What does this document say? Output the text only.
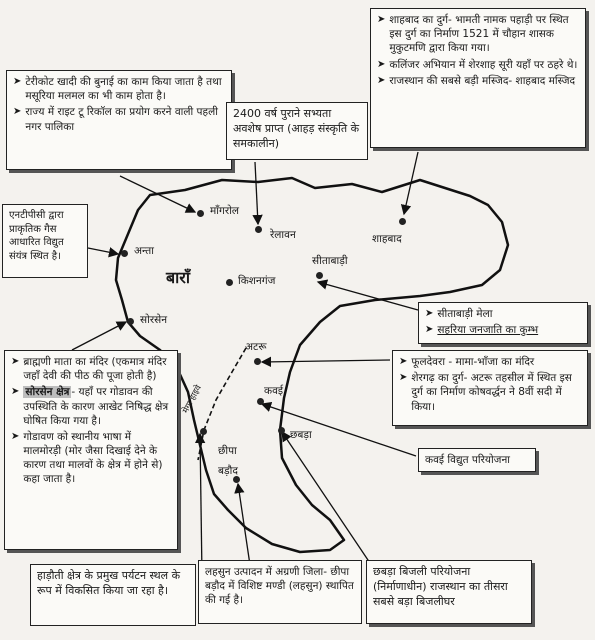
माँगरोल
रेलावन	शाहबाद
अन्ता
बाराँ
सीताबाड़ी
किशनगंज
सोरसेन
अटरू
कवई
छबड़ा
छीपा बड़ौद
मेगा हाइवे
➤ टेरीकोट खादी की बुनाई का काम किया जाता है तथा मसूरिया मलमल का भी काम होता है।
➤ राज्य में राइट टू रिकॉल का प्रयोग करने वाली पहली नगर पालिका
2400 वर्ष पुराने सभ्यता अवशेष प्राप्त (आहड़ संस्कृति के समकालीन)
➤ शाहबाद का दुर्ग- भामती नामक पहाड़ी पर स्थित इस दुर्ग का निर्माण 1521 में चौहान शासक मुकुटमणि द्वारा किया गया।
➤ कलिंजर अभियान में शेरशाह सूरी यहाँ पर ठहरे थे।
➤ राजस्थान की सबसे बड़ी मस्जिद- शाहबाद मस्जिद
एनटीपीसी द्वारा प्राकृतिक गैस आधारित विद्युत संयंत्र स्थित है।
➤ सीताबाड़ी मेला
➤ सहरिया जनजाति का कुम्भ
➤ ब्राह्मणी माता का मंदिर (एकमात्र मंदिर जहाँ देवी की पीठ की पूजा होती है)
➤ सोरसेन क्षेत्र - यहाँ पर गोडावन की उपस्थिति के कारण आखेट निषिद्ध क्षेत्र घोषित किया गया है।
➤ गोडावण को स्थानीय भाषा में मालमोरड़ी (मोर जैसा दिखाई देने के कारण तथा मालवों के क्षेत्र में होने से) कहा जाता है।
➤ फूलदेवरा - मामा-भाँजा का मंदिर
➤ शेरगढ़ का दुर्ग- अटरू तहसील में स्थित इस दुर्ग का निर्माण कोषवर्द्धन ने 8वीं सदी में किया।
कवई विद्युत परियोजना
हाड़ौती क्षेत्र के प्रमुख पर्यटन स्थल के रूप में विकसित किया जा रहा है।
लहसुन उत्पादन में अग्रणी जिला- छीपा बड़ौद में विशिष्ट मण्डी (लहसुन) स्थापित की गई है।
छबड़ा बिजली परियोजना (निर्माणाधीन) राजस्थान का तीसरा सबसे बड़ा बिजलीघर
